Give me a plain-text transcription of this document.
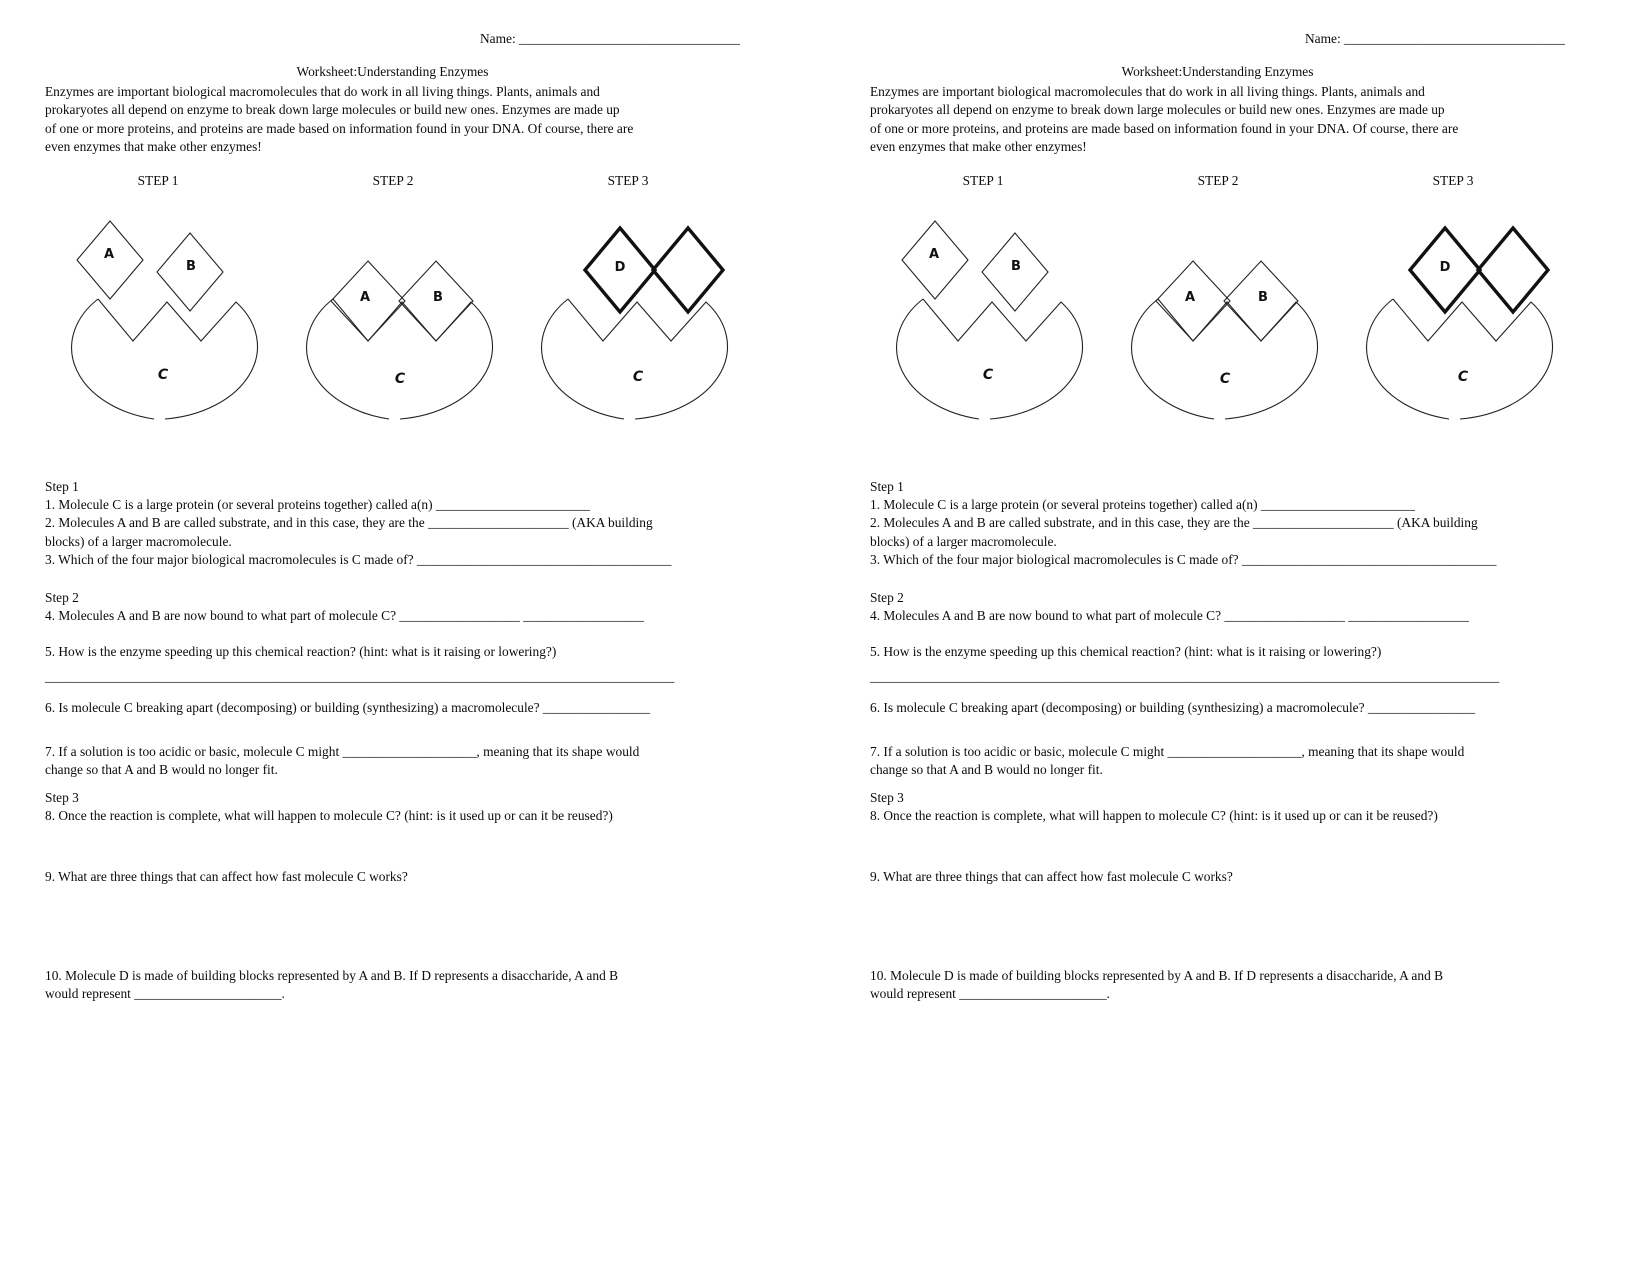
Name: _________________________________
Worksheet:Understanding Enzymes
Enzymes are important biological macromolecules that do work in all living things. Plants, animals and
prokaryotes all depend on enzyme to break down large molecules or build new ones. Enzymes are made up
of one or more proteins, and proteins are made based on information found in your DNA. Of course, there are
even enzymes that make other enzymes!
STEP 1
A
B
C
STEP 2
A	B
C
STEP 3
D
C
Step 1
1. Molecule C is a large protein (or several proteins together) called a(n) _______________________
2. Molecules A and B are called substrate, and in this case, they are the _____________________ (AKA building
blocks) of a larger macromolecule.
3. Which of the four major biological macromolecules is C made of? ______________________________________
Step 2
4. Molecules A and B are now bound to what part of molecule C? __________________ __________________
5. How is the enzyme speeding up this chemical reaction? (hint: what is it raising or lowering?)
______________________________________________________________________________________________
6. Is molecule C breaking apart (decomposing) or building (synthesizing) a macromolecule? ________________
7. If a solution is too acidic or basic, molecule C might ____________________, meaning that its shape would
change so that A and B would no longer fit.
Step 3
8. Once the reaction is complete, what will happen to molecule C? (hint: is it used up or can it be reused?)
9. What are three things that can affect how fast molecule C works?
10. Molecule D is made of building blocks represented by A and B. If D represents a disaccharide, A and B
would represent ______________________.
Name: _________________________________
Worksheet:Understanding Enzymes
Enzymes are important biological macromolecules that do work in all living things. Plants, animals and
prokaryotes all depend on enzyme to break down large molecules or build new ones. Enzymes are made up
of one or more proteins, and proteins are made based on information found in your DNA. Of course, there are
even enzymes that make other enzymes!
STEP 1
A
B
C
STEP 2
A	B
C
STEP 3
D
C
Step 1
1. Molecule C is a large protein (or several proteins together) called a(n) _______________________
2. Molecules A and B are called substrate, and in this case, they are the _____________________ (AKA building
blocks) of a larger macromolecule.
3. Which of the four major biological macromolecules is C made of? ______________________________________
Step 2
4. Molecules A and B are now bound to what part of molecule C? __________________ __________________
5. How is the enzyme speeding up this chemical reaction? (hint: what is it raising or lowering?)
______________________________________________________________________________________________
6. Is molecule C breaking apart (decomposing) or building (synthesizing) a macromolecule? ________________
7. If a solution is too acidic or basic, molecule C might ____________________, meaning that its shape would
change so that A and B would no longer fit.
Step 3
8. Once the reaction is complete, what will happen to molecule C? (hint: is it used up or can it be reused?)
9. What are three things that can affect how fast molecule C works?
10. Molecule D is made of building blocks represented by A and B. If D represents a disaccharide, A and B
would represent ______________________.
